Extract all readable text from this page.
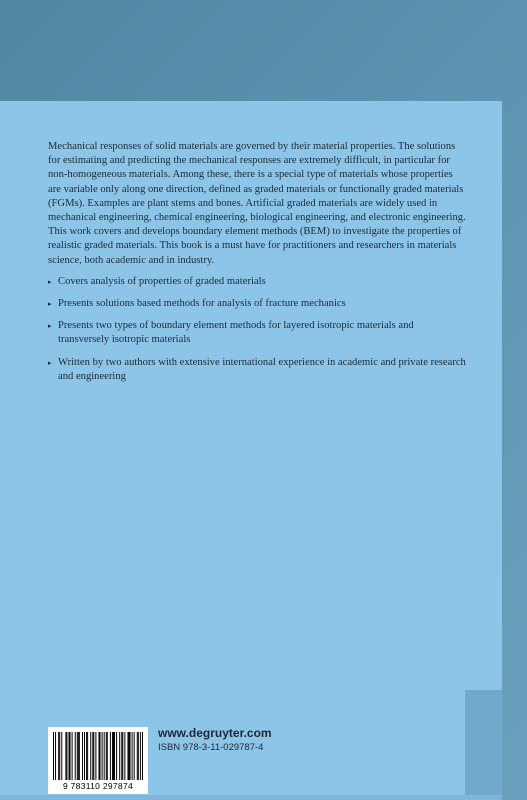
Mechanical responses of solid materials are governed by their material properties. The solutions for estimating and predicting the mechanical responses are extremely difficult, in particular for non-homogeneous materials. Among these, there is a special type of materials whose properties are variable only along one direction, defined as graded materials or functionally graded materials (FGMs). Examples are plant stems and bones. Artificial graded materials are widely used in mechanical engineering, chemical engineering, biological engineering, and electronic engineering. This work covers and develops boundary element methods (BEM) to investigate the properties of realistic graded materials. This book is a must have for practitioners and researchers in materials science, both academic and in industry.

▸ Covers analysis of properties of graded materials
▸ Presents solutions based methods for analysis of fracture mechanics
▸ Presents two types of boundary element methods for layered isotropic materials and transversely isotropic materials
▸ Written by two authors with extensive international experience in academic and private research and engineering
9 783110 297874
www.degruyter.com
ISBN 978-3-11-029787-4
